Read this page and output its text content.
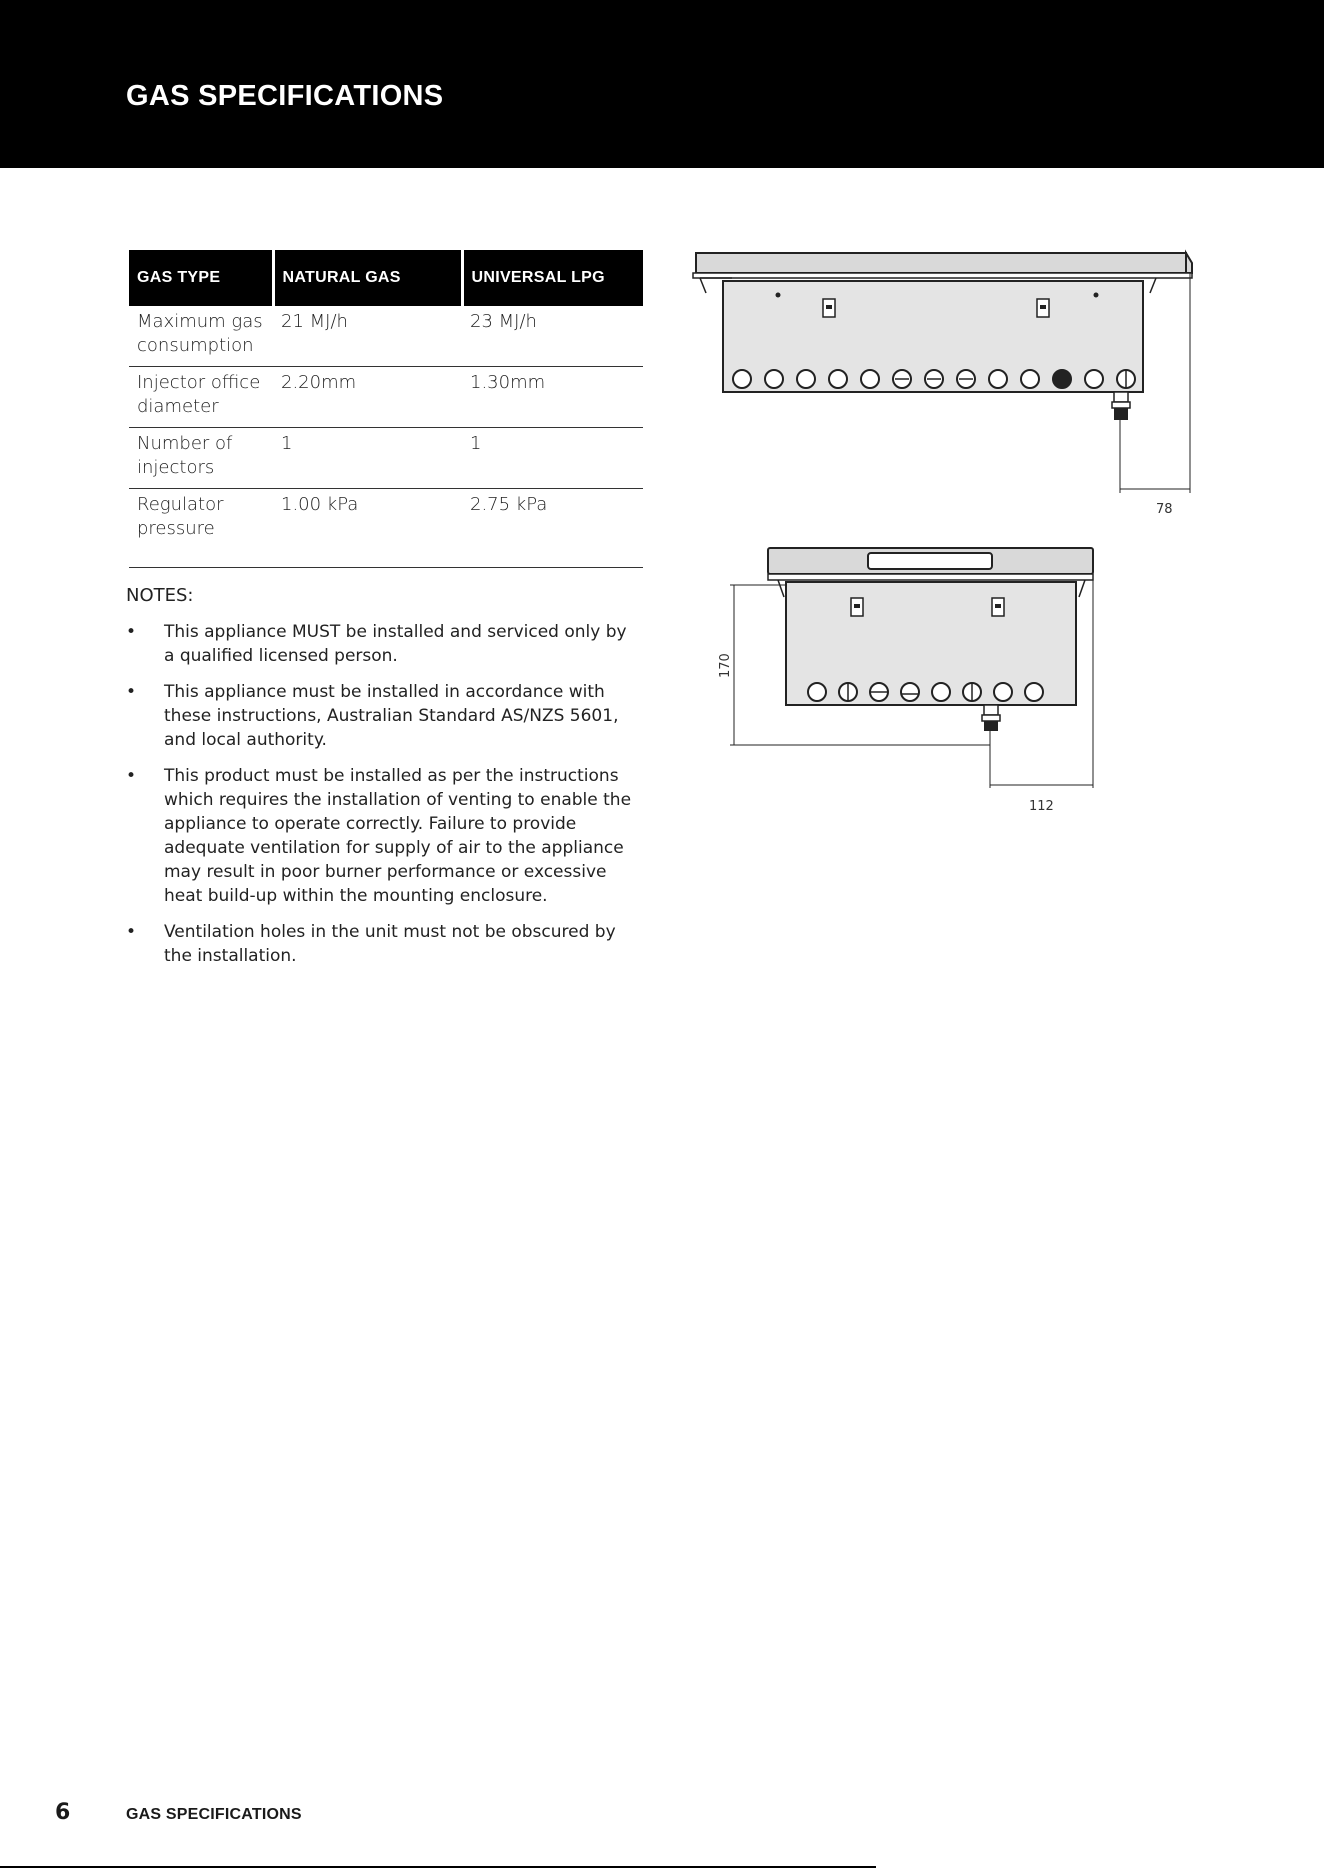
GAS SPECIFICATIONS
GAS TYPE	NATURAL GAS	UNIVERSAL LPG
Maximum gas consumption	21 MJ/h	23 MJ/h
Injector office diameter	2.20mm	1.30mm
Number of injectors	1	1
Regulator pressure	1.00 kPa	2.75 kPa
NOTES:
• This appliance MUST be installed and serviced only by a qualified licensed person.
• This appliance must be installed in accordance with these instructions, Australian Standard AS/NZS 5601, and local authority.
• This product must be installed as per the instructions which requires the installation of venting to enable the appliance to operate correctly. Failure to provide adequate ventilation for supply of air to the appliance may result in poor burner performance or excessive heat build-up within the mounting enclosure.
• Ventilation holes in the unit must not be obscured by the installation.
78
170
112

6	GAS SPECIFICATIONS
